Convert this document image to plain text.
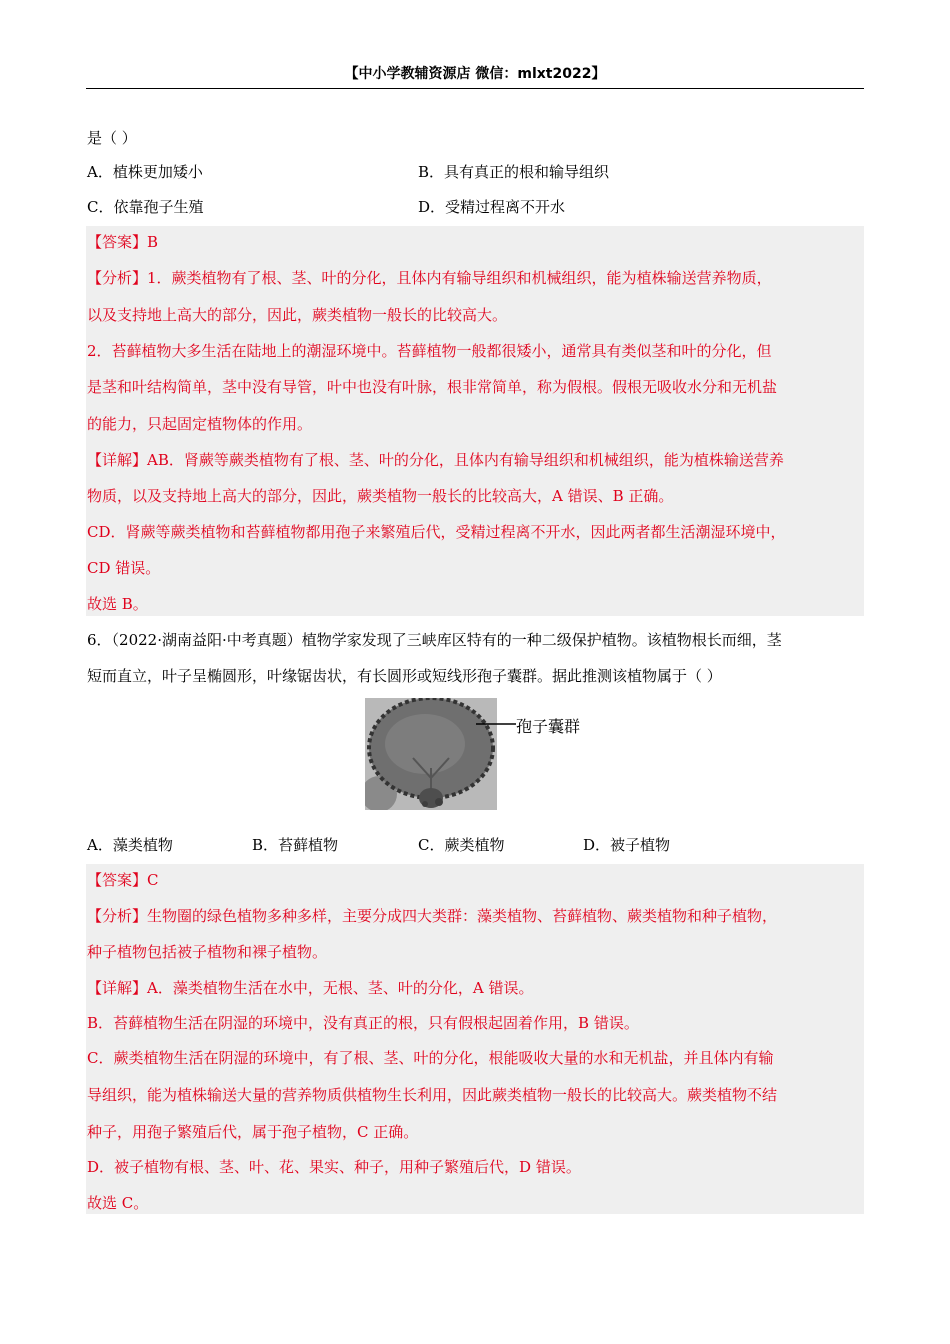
【中小学教辅资源店 微信：mlxt2022】
是（ ）
A．植株更加矮小	B．具有真正的根和输导组织
C．依靠孢子生殖	D．受精过程离不开水
【答案】B
【分析】1．蕨类植物有了根、茎、叶的分化，且体内有输导组织和机械组织，能为植株输送营养物质，
以及支持地上高大的部分，因此，蕨类植物一般长的比较高大。
2．苔藓植物大多生活在陆地上的潮湿环境中。苔藓植物一般都很矮小，通常具有类似茎和叶的分化，但
是茎和叶结构简单，茎中没有导管，叶中也没有叶脉，根非常简单，称为假根。假根无吸收水分和无机盐
的能力，只起固定植物体的作用。
【详解】AB．肾蕨等蕨类植物有了根、茎、叶的分化，且体内有输导组织和机械组织，能为植株输送营养
物质，以及支持地上高大的部分，因此，蕨类植物一般长的比较高大，A 错误、B 正确。
CD．肾蕨等蕨类植物和苔藓植物都用孢子来繁殖后代，受精过程离不开水，因此两者都生活潮湿环境中，
CD 错误。
故选 B。
6．（2022·湖南益阳·中考真题）植物学家发现了三峡库区特有的一种二级保护植物。该植物根长而细，茎
短而直立，叶子呈椭圆形，叶缘锯齿状，有长圆形或短线形孢子囊群。据此推测该植物属于（ ）
孢子囊群
A．藻类植物	B．苔藓植物	C．蕨类植物	D．被子植物
【答案】C
【分析】生物圈的绿色植物多种多样，主要分成四大类群：藻类植物、苔藓植物、蕨类植物和种子植物，
种子植物包括被子植物和裸子植物。
【详解】A．藻类植物生活在水中，无根、茎、叶的分化，A 错误。
B．苔藓植物生活在阴湿的环境中，没有真正的根，只有假根起固着作用，B 错误。
C．蕨类植物生活在阴湿的环境中，有了根、茎、叶的分化，根能吸收大量的水和无机盐，并且体内有输
导组织，能为植株输送大量的营养物质供植物生长利用，因此蕨类植物一般长的比较高大。蕨类植物不结
种子，用孢子繁殖后代，属于孢子植物，C 正确。
D．被子植物有根、茎、叶、花、果实、种子，用种子繁殖后代，D 错误。
故选 C。
